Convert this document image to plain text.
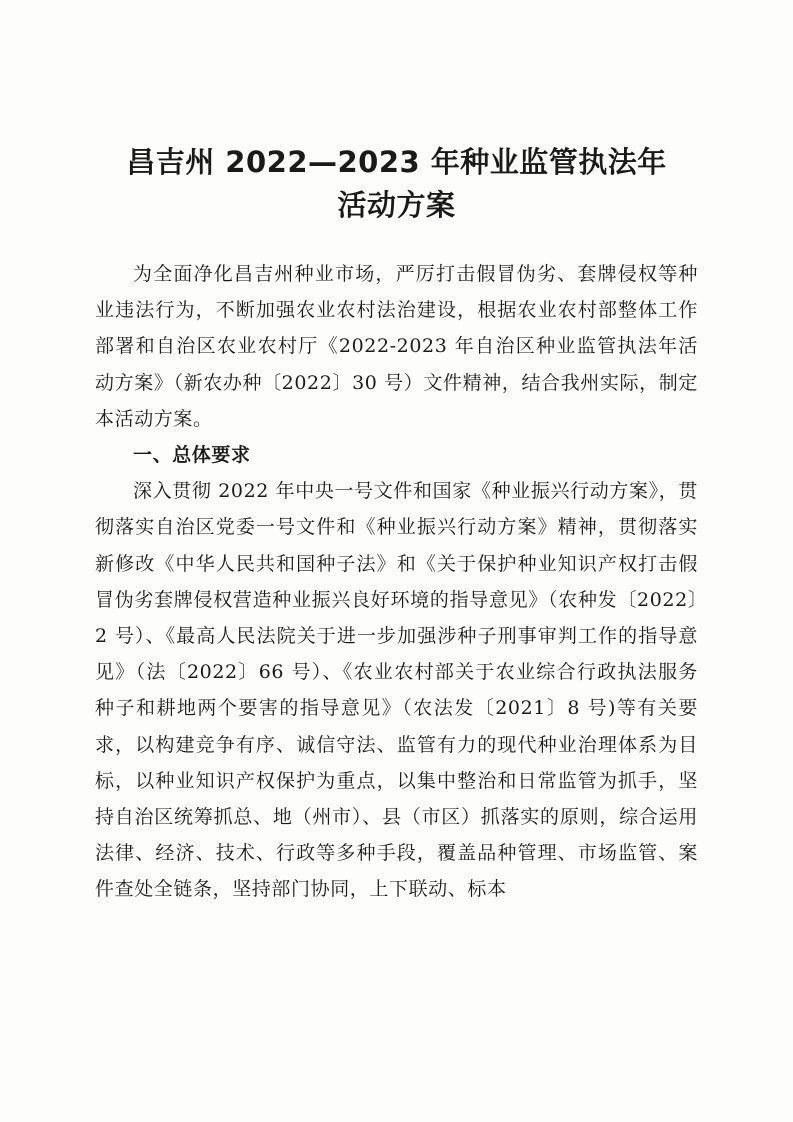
昌吉州 2022—2023 年种业监管执法年
活动方案

为全面净化昌吉州种业市场，严厉打击假冒伪劣、套牌侵权等种业违法行为，不断加强农业农村法治建设，根据农业农村部整体工作部署和自治区农业农村厅《2022-2023 年自治区种业监管执法年活动方案》（新农办种〔2022〕30 号）文件精神，结合我州实际，制定本活动方案。

一、总体要求

深入贯彻 2022 年中央一号文件和国家《种业振兴行动方案》，贯彻落实自治区党委一号文件和《种业振兴行动方案》精神，贯彻落实新修改《中华人民共和国种子法》和《关于保护种业知识产权打击假冒伪劣套牌侵权营造种业振兴良好环境的指导意见》（农种发〔2022〕2 号）、《最高人民法院关于进一步加强涉种子刑事审判工作的指导意见》（法〔2022〕66 号）、《农业农村部关于农业综合行政执法服务种子和耕地两个要害的指导意见》（农法发〔2021〕8 号)等有关要求，以构建竞争有序、诚信守法、监管有力的现代种业治理体系为目标，以种业知识产权保护为重点，以集中整治和日常监管为抓手，坚持自治区统筹抓总、地（州市）、县（市区）抓落实的原则，综合运用法律、经济、技术、行政等多种手段，覆盖品种管理、市场监管、案件查处全链条，坚持部门协同，上下联动、标本
